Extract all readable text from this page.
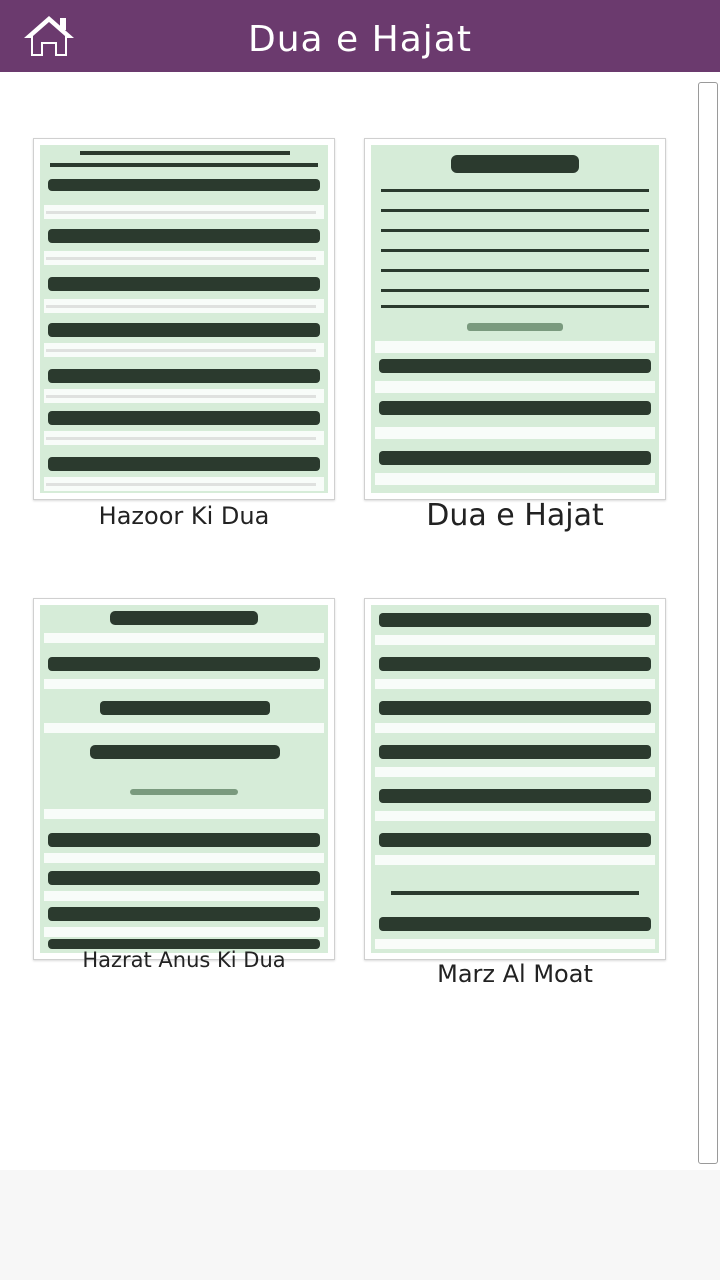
Dua e Hajat
Hazoor Ki Dua	Dua e Hajat
Hazrat Anus Ki Dua	Marz Al Moat
